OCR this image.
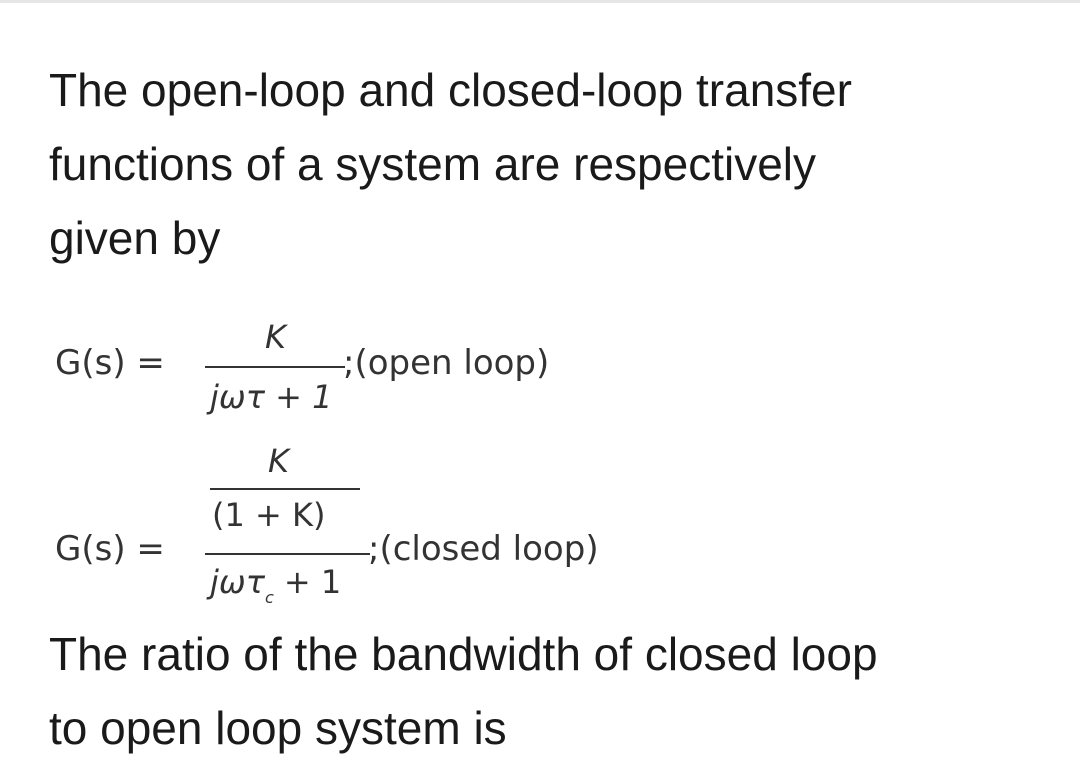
The open-loop and closed-loop transfer
functions of a system are respectively
given by

G(s) =
K
jωτ + 1
;(open loop)
K
(1 + K)
G(s) =
jωτ$_c$ + 1
;(closed loop)

The ratio of the bandwidth of closed loop
to open loop system is
